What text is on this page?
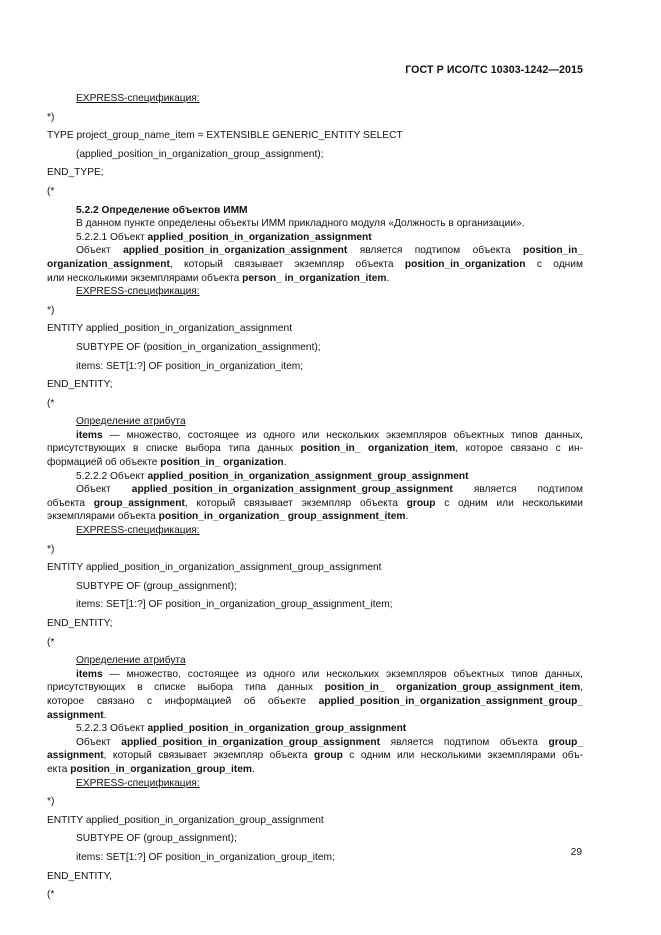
ГОСТ Р ИСО/ТС 10303-1242—2015
EXPRESS-спецификация:
*)
TYPE project_group_name_item = EXTENSIBLE GENERIC_ENTITY SELECT
(applied_position_in_organization_group_assignment);
END_TYPE;
(*
5.2.2 Определение объектов ИММ
В данном пункте определены объекты ИММ прикладного модуля «Должность в организации».
5.2.2.1 Объект applied_position_in_organization_assignment
Объект applied_position_in_organization_assignment является подтипом объекта position_in_
organization_assignment, который связывает экземпляр объекта position_in_organization с одним
или несколькими экземплярами объекта person_ in_organization_item.
EXPRESS-спецификация:
*)
ENTITY applied_position_in_organization_assignment
SUBTYPE OF (position_in_organization_assignment);
items: SET[1:?] OF position_in_organization_item;
END_ENTITY;
(*
Определение атрибута
items — множество, состоящее из одного или нескольких экземпляров объектных типов данных,
присутствующих в списке выбора типа данных position_in_ organization_item, которое связано с ин-
формацией об объекте position_in_ organization.
5.2.2.2 Объект applied_position_in_organization_assignment_group_assignment
Объект applied_position_in_organization_assignment_group_assignment является подтипом
объекта group_assignment, который связывает экземпляр объекта group с одним или несколькими
экземплярами объекта position_in_organization_ group_assignment_item.
EXPRESS-спецификация:
*)
ENTITY applied_position_in_organization_assignment_group_assignment
SUBTYPE OF (group_assignment);
items: SET[1:?] OF position_in_organization_group_assignment_item;
END_ENTITY;
(*
Определение атрибута
items — множество, состоящее из одного или нескольких экземпляров объектных типов данных,
присутствующих в списке выбора типа данных position_in_ organization_group_assignment_item,
которое связано с информацией об объекте applied_position_in_organization_assignment_group_
assignment.
5.2.2.3 Объект applied_position_in_organization_group_assignment
Объект applied_position_in_organization_group_assignment является подтипом объекта group_
assignment, который связывает экземпляр объекта group с одним или несколькими экземплярами объ-
екта position_in_organization_group_item.
EXPRESS-спецификация:
*)
ENTITY applied_position_in_organization_group_assignment
SUBTYPE OF (group_assignment);
items: SET[1:?] OF position_in_organization_group_item;
END_ENTITY,
(*
29
